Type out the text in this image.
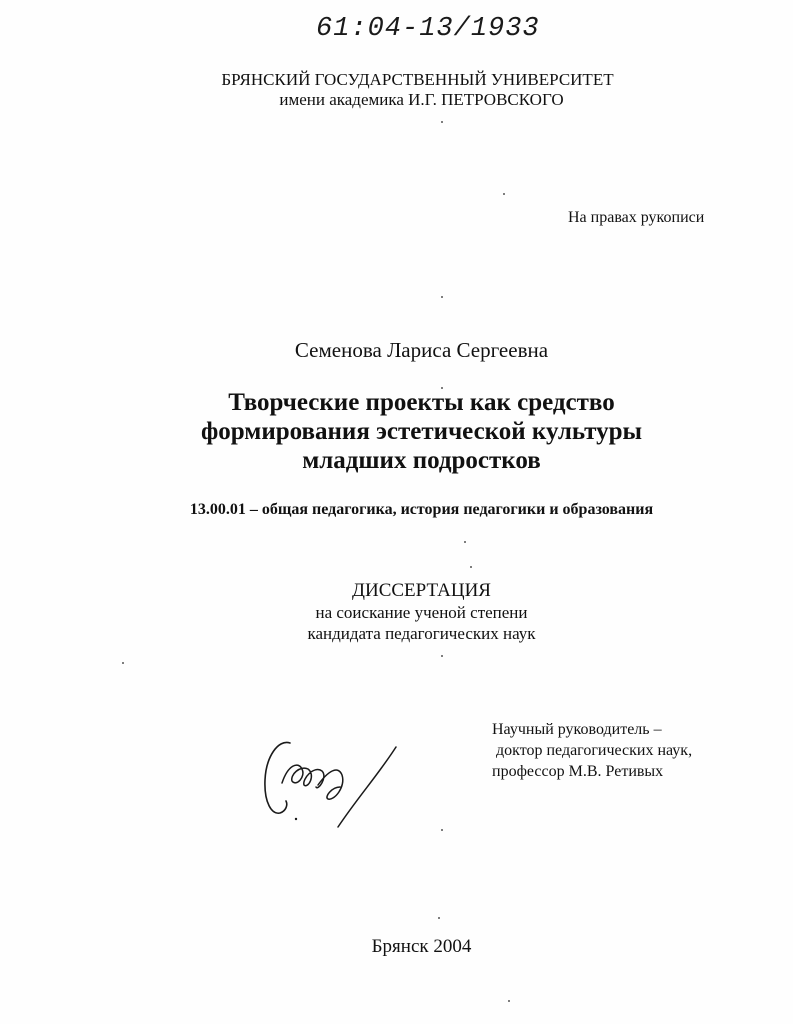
61:04-13/1933
БРЯНСКИЙ ГОСУДАРСТВЕННЫЙ УНИВЕРСИТЕТ
имени академика И.Г. ПЕТРОВСКОГО
На правах рукописи
Семенова Лариса Сергеевна
Творческие проекты как средство
формирования эстетической культуры
младших подростков
13.00.01 – общая педагогика, история педагогики и образования
ДИССЕРТАЦИЯ
на соискание ученой степени
кандидата педагогических наук
Научный руководитель –
доктор педагогических наук,
профессор М.В. Ретивых
Брянск 2004
